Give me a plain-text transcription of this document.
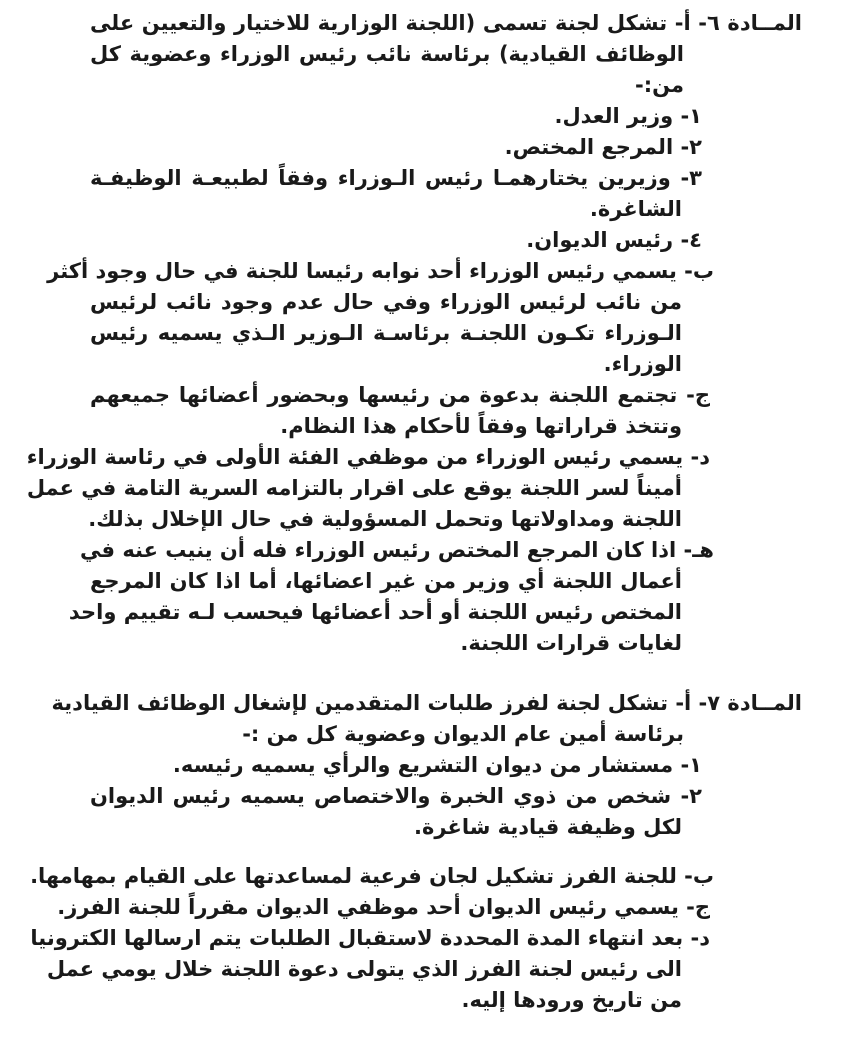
المــادة ٦- أ- تشكل لجنة تسمى (اللجنة الوزارية للاختيار والتعيين على
الوظائف القيادية) برئاسة نائب رئيس الوزراء وعضوية كل
من:-
١- وزير العدل.
٢- المرجع المختص.
٣- وزيرين يختارهمـا رئيس الـوزراء وفقاً لطبيعـة الوظيفـة
الشاغرة.
٤- رئيس الديوان.
ب- يسمي رئيس الوزراء أحد نوابه رئيسا للجنة في حال وجود أكثر
من نائب لرئيس الوزراء وفي حال عدم وجود نائب لرئيس
الـوزراء تكـون اللجنـة برئاسـة الـوزير الـذي يسميه رئيس
الوزراء.
ج- تجتمع اللجنة بدعوة من رئيسها وبحضور أعضائها جميعهم
وتتخذ قراراتها وفقاً لأحكام هذا النظام.
د- يسمي رئيس الوزراء من موظفي الفئة الأولى في رئاسة الوزراء
أميناً لسر اللجنة يوقع على اقرار بالتزامه السرية التامة في عمل
اللجنة ومداولاتها وتحمل المسؤولية في حال الإخلال بذلك.
هـ- اذا كان المرجع المختص رئيس الوزراء فله أن ينيب عنه في
أعمال اللجنة أي وزير من غير اعضائها، أما اذا كان المرجع
المختص رئيس اللجنة أو أحد أعضائها فيحسب لـه تقييم واحد
لغايات قرارات اللجنة.
المــادة ٧- أ- تشكل لجنة لفرز طلبات المتقدمين لإشغال الوظائف القيادية
برئاسة أمين عام الديوان وعضوية كل من :-
١- مستشار من ديوان التشريع والرأي يسميه رئيسه.
٢- شخص من ذوي الخبرة والاختصاص يسميه رئيس الديوان
لكل وظيفة قيادية شاغرة.
ب- للجنة الفرز تشكيل لجان فرعية لمساعدتها على القيام بمهامها.
ج- يسمي رئيس الديوان أحد موظفي الديوان مقرراً للجنة الفرز.
د- بعد انتهاء المدة المحددة لاستقبال الطلبات يتم ارسالها الكترونيا
الى رئيس لجنة الفرز الذي يتولى دعوة اللجنة خلال يومي عمل
من تاريخ ورودها إليه.
